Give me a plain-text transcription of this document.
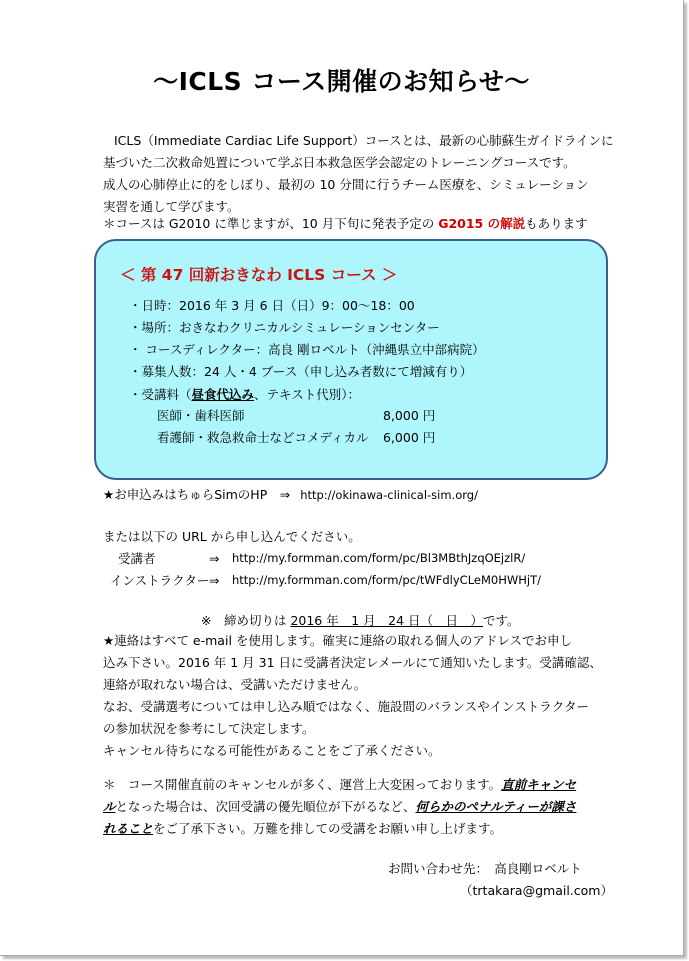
〜ICLS コース開催のお知らせ〜
ICLS（Immediate Cardiac Life Support）コースとは、最新の心肺蘇生ガイドラインに
基づいた二次救命処置について学ぶ日本救急医学会認定のトレーニングコースです。
成人の心肺停止に的をしぼり、最初の 10 分間に行うチーム医療を、シミュレーション
実習を通して学びます。
＊コースは G2010 に準じますが、10 月下旬に発表予定の G2015 の解説もあります
＜ 第 47 回新おきなわ ICLS コース ＞
・日時：2016 年 3 月 6 日（日）9：00〜18：00
・場所：おきなわクリニカルシミュレーションセンター
・ コースディレクター：高良 剛ロベルト（沖縄県立中部病院）
・募集人数：24 人・4 ブース（申し込み者数にて増減有り）
・受講料（昼食代込み、テキスト代別）：
医師・歯科医師	8,000 円
看護師・救急救命士などコメディカル 6,000 円
★お申込みはちゅらSimのHP　⇒ http://okinawa-clinical-sim.org/
または以下の URL から申し込んでください。
受講者	⇒ http://my.formman.com/form/pc/Bl3MBthJzqOEjzlR/
インストラクター ⇒ http://my.formman.com/form/pc/tWFdlyCLeM0HWHjT/
※　締め切りは 2016 年　1 月　24 日（　日　）です。
★連絡はすべて e-mail を使用します。確実に連絡の取れる個人のアドレスでお申し
込み下さい。2016 年 1 月 31 日に受講者決定レメールにて通知いたします。受講確認、
連絡が取れない場合は、受講いただけません。
なお、受講選考については申し込み順ではなく、施設間のバランスやインストラクター
の参加状況を参考にして決定します。
キャンセル待ちになる可能性があることをご了承ください。
＊　コース開催直前のキャンセルが多く、運営上大変困っております。直前キャンセ
ルとなった場合は、次回受講の優先順位が下がるなど、何らかのペナルティーが課さ
れることをご了承下さい。万難を排しての受講をお願い申し上げます。
お問い合わせ先：　高良剛ロベルト
（trtakara@gmail.com）
